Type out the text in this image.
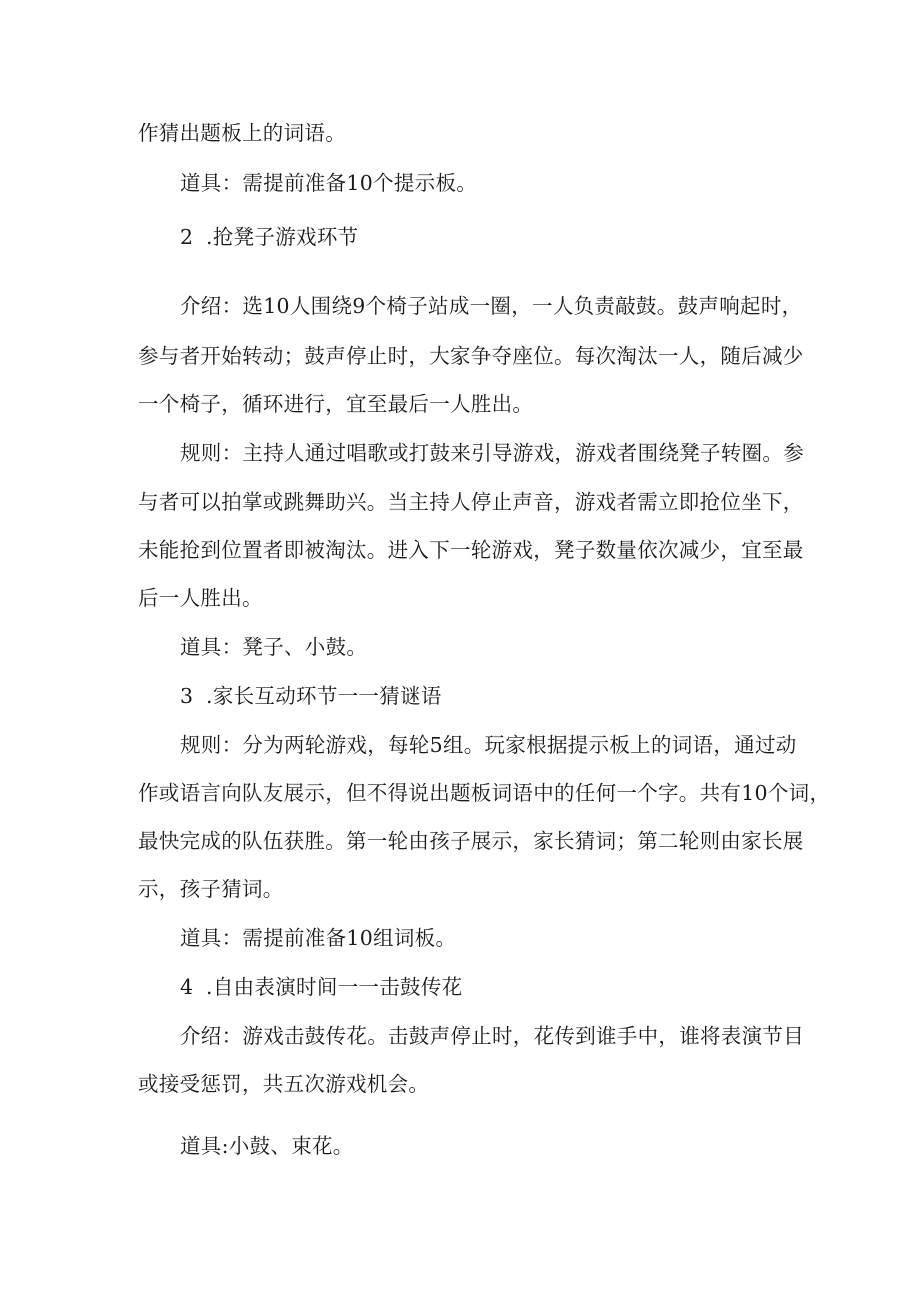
作猜出题板上的词语。
道具：需提前准备10个提示板。
2 .抢凳子游戏环节
介绍：选10人围绕9个椅子站成一圈，一人负责敲鼓。鼓声响起时，
参与者开始转动；鼓声停止时，大家争夺座位。每次淘汰一人，随后减少
一个椅子，循环进行，宜至最后一人胜出。
规则：主持人通过唱歌或打鼓来引导游戏，游戏者围绕凳子转圈。参
与者可以拍掌或跳舞助兴。当主持人停止声音，游戏者需立即抢位坐下，
未能抢到位置者即被淘汰。进入下一轮游戏，凳子数量依次减少，宜至最
后一人胜出。
道具：凳子、小鼓。
3 .家长互动环节一一猜谜语
规则：分为两轮游戏，每轮5组。玩家根据提示板上的词语，通过动
作或语言向队友展示，但不得说出题板词语中的任何一个字。共有10个词，
最快完成的队伍获胜。第一轮由孩子展示，家长猜词；第二轮则由家长展
示，孩子猜词。
道具：需提前准备10组词板。
4 .自由表演时间一一击鼓传花
介绍：游戏击鼓传花。击鼓声停止时，花传到谁手中，谁将表演节目
或接受惩罚，共五次游戏机会。
道具:小鼓、束花。
